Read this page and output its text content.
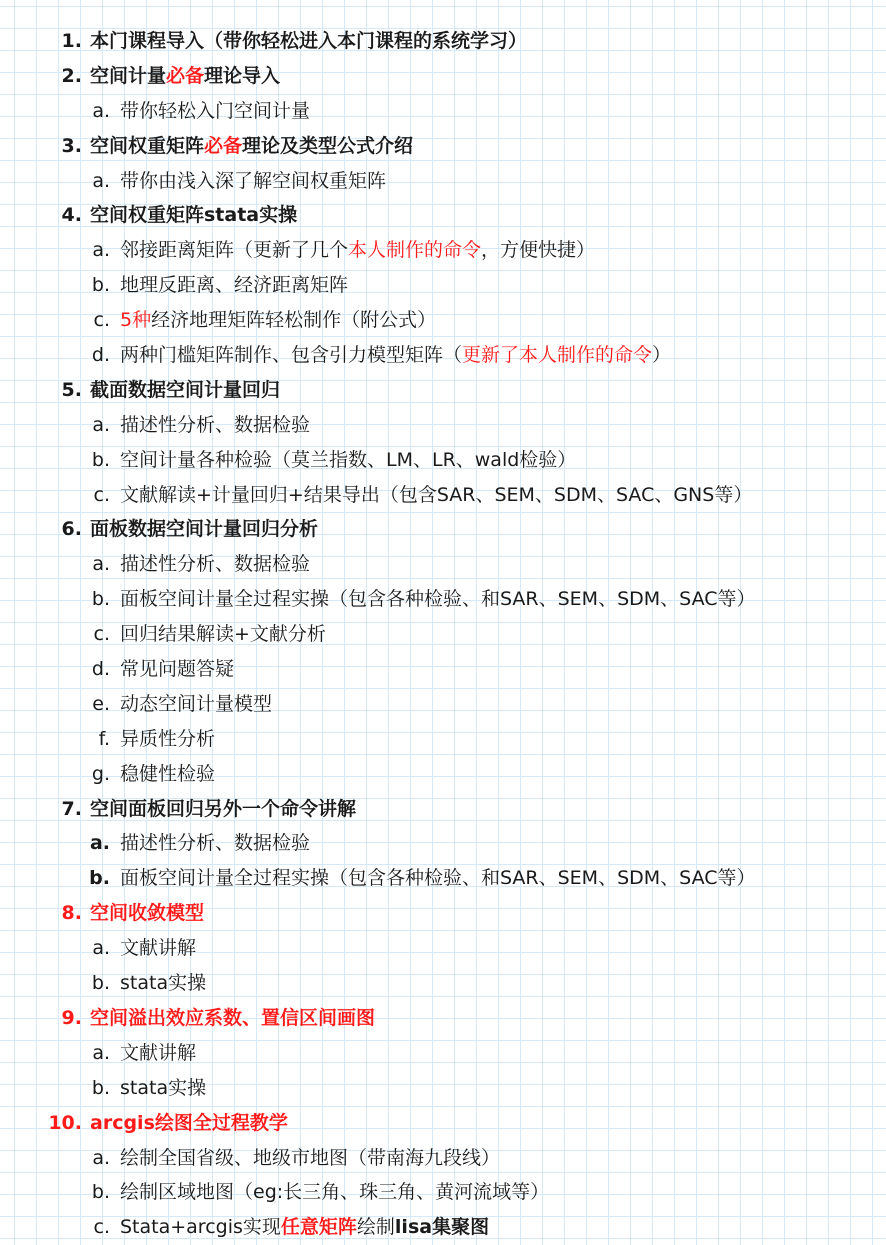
1. 本门课程导入（带你轻松进入本门课程的系统学习）
2. 空间计量必备理论导入
a. 带你轻松入门空间计量
3. 空间权重矩阵必备理论及类型公式介绍
a. 带你由浅入深了解空间权重矩阵
4. 空间权重矩阵stata实操
a. 邻接距离矩阵（更新了几个本人制作的命令，方便快捷）
b. 地理反距离、经济距离矩阵
c. 5种经济地理矩阵轻松制作（附公式）
d. 两种门槛矩阵制作、包含引力模型矩阵（更新了本人制作的命令）
5. 截面数据空间计量回归
a. 描述性分析、数据检验
b. 空间计量各种检验（莫兰指数、LM、LR、wald检验）
c. 文献解读+计量回归+结果导出（包含SAR、SEM、SDM、SAC、GNS等）
6. 面板数据空间计量回归分析
a. 描述性分析、数据检验
b. 面板空间计量全过程实操（包含各种检验、和SAR、SEM、SDM、SAC等）
c. 回归结果解读+文献分析
d. 常见问题答疑
e. 动态空间计量模型
f. 异质性分析
g. 稳健性检验
7. 空间面板回归另外一个命令讲解
a. 描述性分析、数据检验
b. 面板空间计量全过程实操（包含各种检验、和SAR、SEM、SDM、SAC等）
8. 空间收敛模型
a. 文献讲解
b. stata实操
9. 空间溢出效应系数、置信区间画图
a. 文献讲解
b. stata实操
10. arcgis绘图全过程教学
a. 绘制全国省级、地级市地图（带南海九段线）
b. 绘制区域地图（eg:长三角、珠三角、黄河流域等）
c. Stata+arcgis实现任意矩阵绘制lisa集聚图
